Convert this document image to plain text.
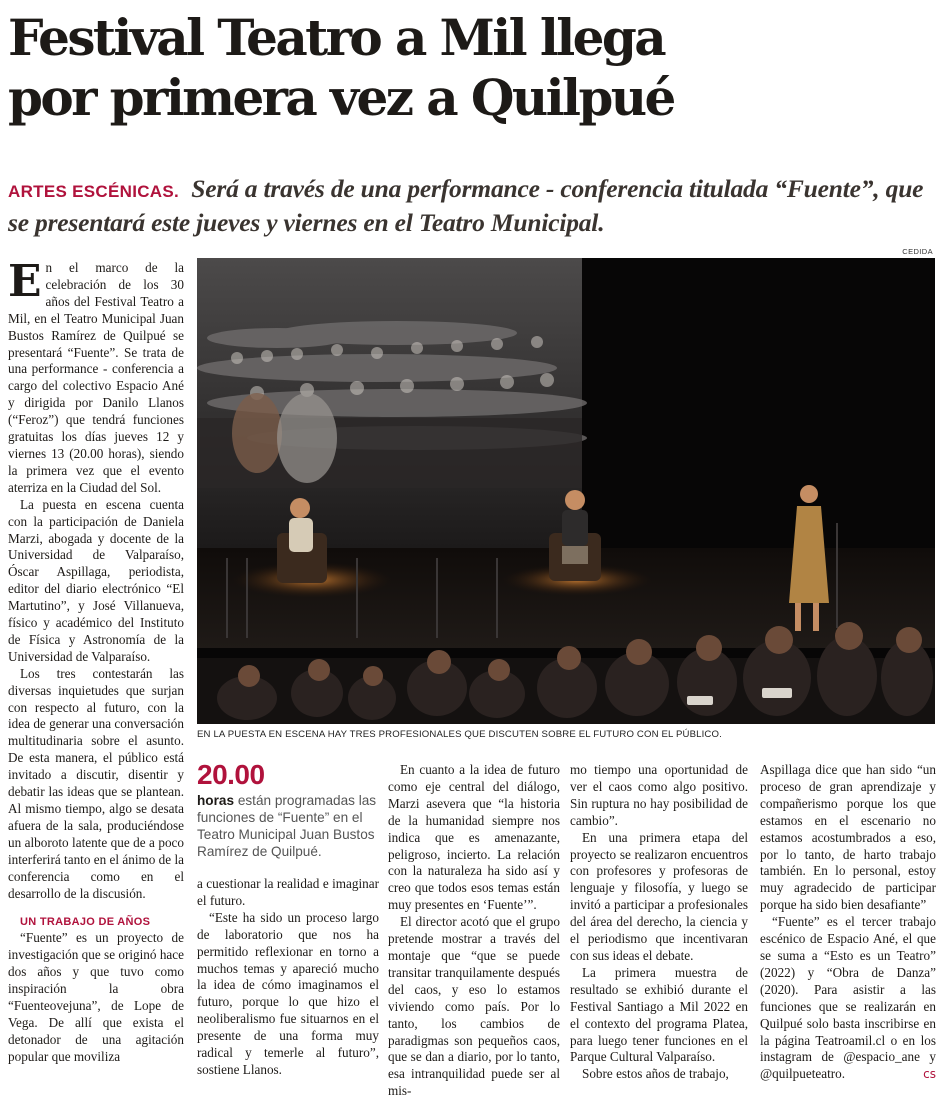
Festival Teatro a Mil llega
por primera vez a Quilpué
ARTES ESCÉNICAS. Será a través de una performance - conferencia titulada “Fuente”, que se presentará este jueves y viernes en el Teatro Municipal.
CEDIDA

En el marco de la celebración de los 30 años del Festival Teatro a Mil, en el Teatro Municipal Juan Bustos Ramírez de Quilpué se presentará “Fuente”. Se trata de una performance - conferencia a cargo del colectivo Espacio Ané y dirigida por Danilo Llanos (“Feroz”) que tendrá funciones gratuitas los días jueves 12 y viernes 13 (20.00 horas), siendo la primera vez que el evento aterriza en la Ciudad del Sol.

La puesta en escena cuenta con la participación de Daniela Marzi, abogada y docente de la Universidad de Valparaíso, Óscar Aspillaga, periodista, editor del diario electrónico “El Martutino”, y José Villanueva, físico y académico del Instituto de Física y Astronomía de la Universidad de Valparaíso.

Los tres contestarán las diversas inquietudes que surjan con respecto al futuro, con la idea de generar una conversación multitudinaria sobre el asunto. De esta manera, el público está invitado a discutir, disentir y debatir las ideas que se plantean. Al mismo tiempo, algo se desata afuera de la sala, produciéndose un alboroto latente que de a poco interferirá tanto en el ánimo de la conferencia como en el desarrollo de la discusión.

UN TRABAJO DE AÑOS

“Fuente” es un proyecto de investigación que se originó hace dos años y que tuvo como inspiración la obra “Fuenteovejuna”, de Lope de Vega. De allí que exista el detonador de una agitación popular que moviliza

EN LA PUESTA EN ESCENA HAY TRES PROFESIONALES QUE DISCUTEN SOBRE EL FUTURO CON EL PÚBLICO.
20.00
horas están programadas las funciones de “Fuente” en el Teatro Municipal Juan Bustos Ramírez de Quilpué.

a cuestionar la realidad e imaginar el futuro.

“Este ha sido un proceso largo de laboratorio que nos ha permitido reflexionar en torno a muchos temas y apareció mucho la idea de cómo imaginamos el futuro, porque lo que hizo el neoliberalismo fue situarnos en el presente de una forma muy radical y temerle al futuro”, sostiene Llanos.

En cuanto a la idea de futuro como eje central del diálogo, Marzi asevera que “la historia de la humanidad siempre nos indica que es amenazante, peligroso, incierto. La relación con la naturaleza ha sido así y creo que todos esos temas están muy presentes en ‘Fuente’”.

El director acotó que el grupo pretende mostrar a través del montaje que “que se puede transitar tranquilamente después del caos, y eso lo estamos viviendo como país. Por lo tanto, los cambios de paradigmas son pequeños caos, que se dan a diario, por lo tanto, esa intranquilidad puede ser al mis-

mo tiempo una oportunidad de ver el caos como algo positivo. Sin ruptura no hay posibilidad de cambio”.

En una primera etapa del proyecto se realizaron encuentros con profesores y profesoras de lenguaje y filosofía, y luego se invitó a participar a profesionales del área del derecho, la ciencia y el periodismo que incentivaran con sus ideas el debate.

La primera muestra de resultado se exhibió durante el Festival Santiago a Mil 2022 en el contexto del programa Platea, para luego tener funciones en el Parque Cultural Valparaíso.

Sobre estos años de trabajo,

Aspillaga dice que han sido “un proceso de gran aprendizaje y compañerismo porque los que estamos en el escenario no estamos acostumbrados a eso, por lo tanto, de harto trabajo también. En lo personal, estoy muy agradecido de participar porque ha sido bien desafiante”

“Fuente” es el tercer trabajo escénico de Espacio Ané, el que se suma a “Esto es un Teatro” (2022) y “Obra de Danza” (2020). Para asistir a las funciones que se realizarán en Quilpué solo basta inscribirse en la página Teatroamil.cl o en los instagram de @espacio_ane y @quilpueteatro.	cs
